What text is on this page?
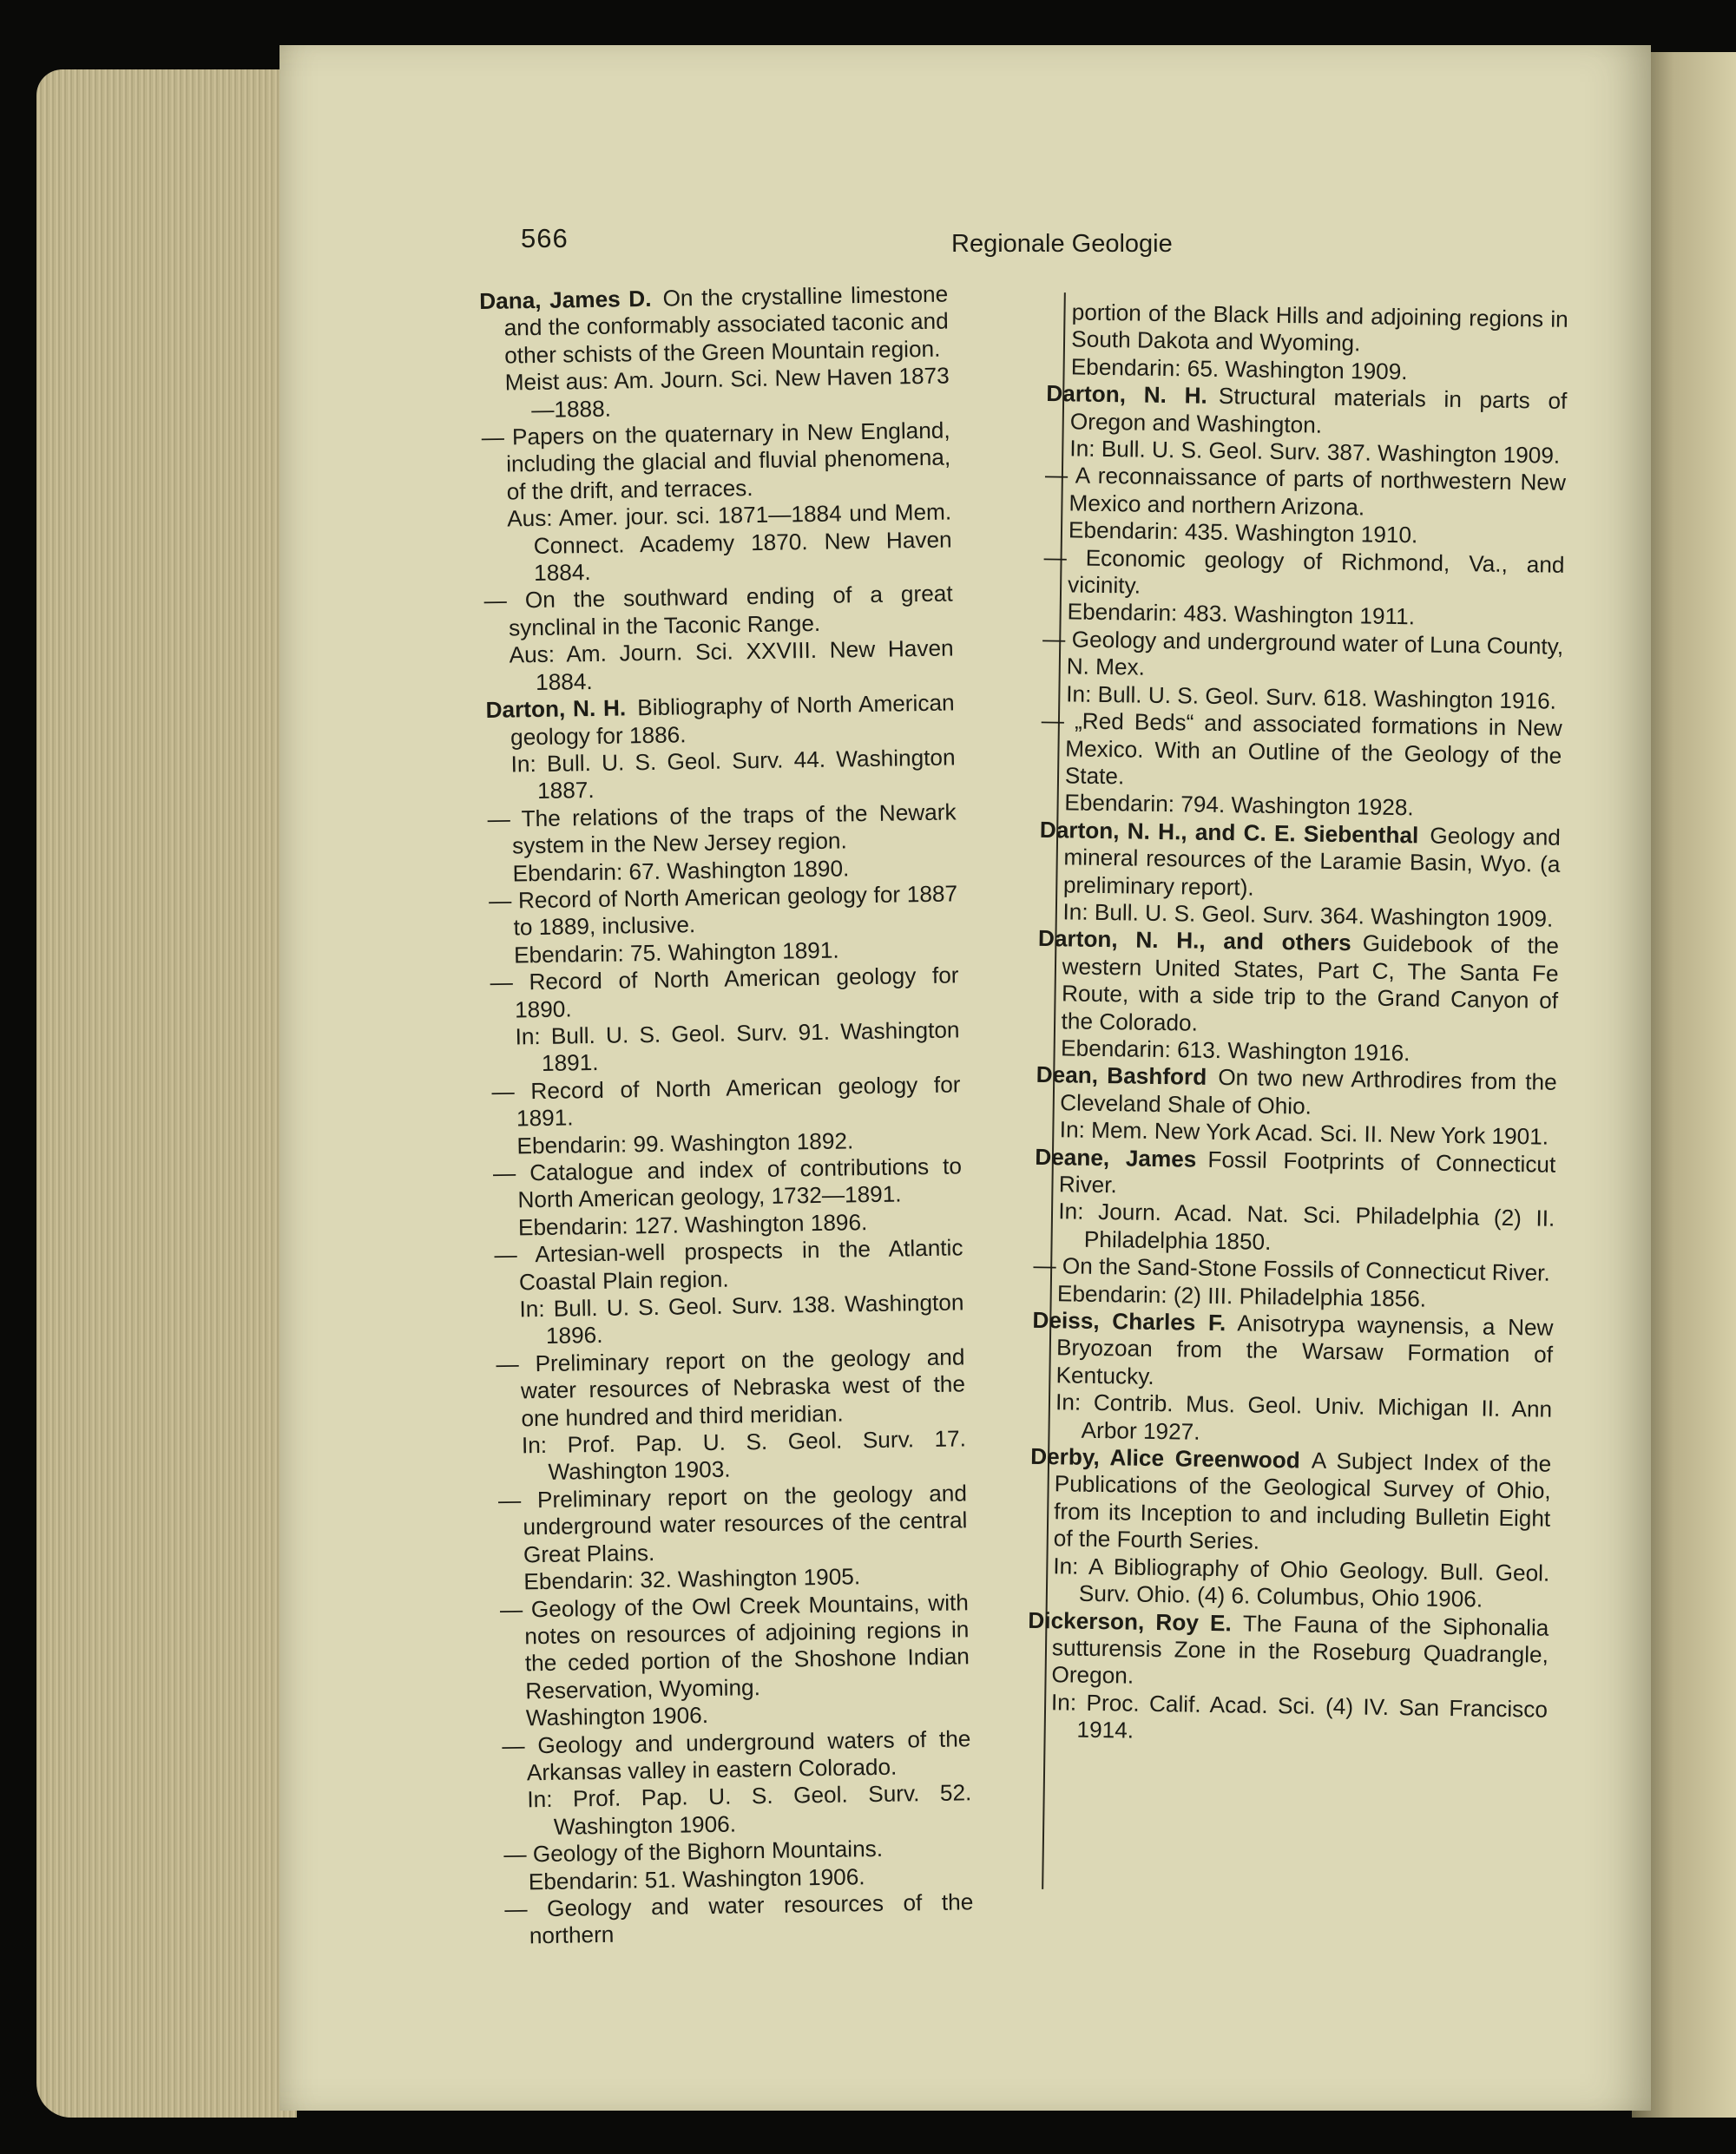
566	Regionale Geologie

Dana, James D.  On the crystalline limestone and the conformably associated taconic and other schists of the Green Mountain region.

Meist aus: Am. Journ. Sci. New Haven 1873—1888.

— Papers on the quaternary in New England, including the glacial and fluvial phenomena, of the drift, and terraces.

Aus: Amer. jour. sci. 1871—1884 und Mem. Connect. Academy 1870. New Haven 1884.

— On the southward ending of a great synclinal in the Taconic Range.

Aus: Am. Journ. Sci. XXVIII. New Haven 1884.

Darton, N. H.  Bibliography of North American geology for 1886.

In: Bull. U. S. Geol. Surv. 44. Washington 1887.

— The relations of the traps of the Newark system in the New Jersey region.

Ebendarin: 67. Washington 1890.

— Record of North American geology for 1887 to 1889, inclusive.

Ebendarin: 75. Wahington 1891.

— Record of North American geology for 1890.

In: Bull. U. S. Geol. Surv. 91. Washington 1891.

— Record of North American geology for 1891.

Ebendarin: 99. Washington 1892.

— Catalogue and index of contributions to North American geology, 1732—1891.

Ebendarin: 127. Washington 1896.

— Artesian-well prospects in the Atlantic Coastal Plain region.

In: Bull. U. S. Geol. Surv. 138. Washington 1896.

— Preliminary report on the geology and water resources of Nebraska west of the one hundred and third meridian.

In: Prof. Pap. U. S. Geol. Surv. 17. Washington 1903.

— Preliminary report on the geology and underground water resources of the central Great Plains.

Ebendarin: 32. Washington 1905.

— Geology of the Owl Creek Mountains, with notes on resources of adjoining regions in the ceded portion of the Shoshone Indian Reservation, Wyoming.

Washington 1906.

— Geology and underground waters of the Arkansas valley in eastern Colorado.

In: Prof. Pap. U. S. Geol. Surv. 52. Washington 1906.

— Geology of the Bighorn Mountains.

Ebendarin: 51. Washington 1906.

— Geology and water resources of the northern

portion of the Black Hills and adjoining regions in South Dakota and Wyoming.

Ebendarin: 65. Washington 1909.

Darton, N. H.  Structural materials in parts of Oregon and Washington.

In: Bull. U. S. Geol. Surv. 387. Washington 1909.

— A reconnaissance of parts of northwestern New Mexico and northern Arizona.

Ebendarin: 435. Washington 1910.

— Economic geology of Richmond, Va., and vicinity.

Ebendarin: 483. Washington 1911.

— Geology and underground water of Luna County, N. Mex.

In: Bull. U. S. Geol. Surv. 618. Washington 1916.

— „Red Beds“ and associated formations in New Mexico. With an Outline of the Geology of the State.

Ebendarin: 794. Washington 1928.

Darton, N. H., and C. E. Siebenthal  Geology and mineral resources of the Laramie Basin, Wyo. (a preliminary report).

In: Bull. U. S. Geol. Surv. 364. Washington 1909.

Darton, N. H., and others  Guidebook of the western United States, Part C, The Santa Fe Route, with a side trip to the Grand Canyon of the Colorado.

Ebendarin: 613. Washington 1916.

Dean, Bashford  On two new Arthrodires from the Cleveland Shale of Ohio.

In: Mem. New York Acad. Sci. II. New York 1901.

Deane, James  Fossil Footprints of Connecticut River.

In: Journ. Acad. Nat. Sci. Philadelphia (2) II. Philadelphia 1850.

— On the Sand-Stone Fossils of Connecticut River.

Ebendarin: (2) III. Philadelphia 1856.

Deiss, Charles F.  Anisotrypa waynensis, a New Bryozoan from the Warsaw Formation of Kentucky.

In: Contrib. Mus. Geol. Univ. Michigan II. Ann Arbor 1927.

Derby, Alice Greenwood  A Subject Index of the Publications of the Geological Survey of Ohio, from its Inception to and including Bulletin Eight of the Fourth Series.

In: A Bibliography of Ohio Geology. Bull. Geol. Surv. Ohio. (4) 6. Columbus, Ohio 1906.

Dickerson, Roy E.  The Fauna of the Siphonalia sutturensis Zone in the Roseburg Quadrangle, Oregon.

In: Proc. Calif. Acad. Sci. (4) IV. San Francisco 1914.
